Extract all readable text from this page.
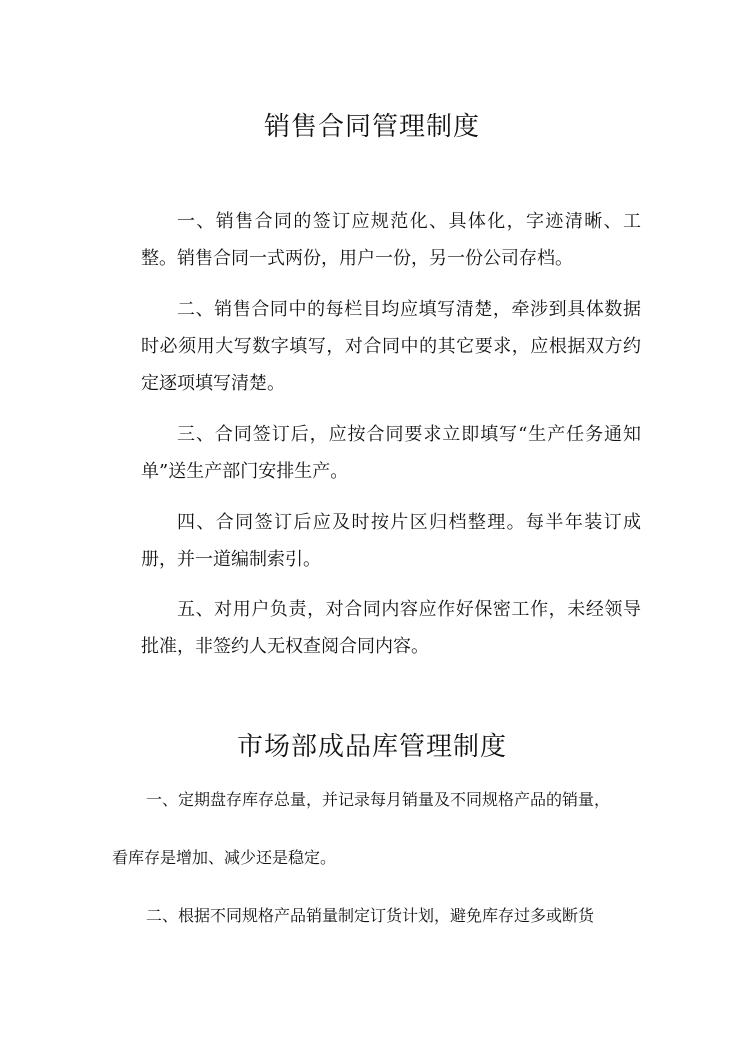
销售合同管理制度

一、销售合同的签订应规范化、具体化，字迹清晰、工整。销售合同一式两份，用户一份，另一份公司存档。

二、销售合同中的每栏目均应填写清楚，牵涉到具体数据时必须用大写数字填写，对合同中的其它要求，应根据双方约定逐项填写清楚。

三、合同签订后，应按合同要求立即填写“生产任务通知单”送生产部门安排生产。

四、合同签订后应及时按片区归档整理。每半年装订成册，并一道编制索引。

五、对用户负责，对合同内容应作好保密工作，未经领导批准，非签约人无权查阅合同内容。

市场部成品库管理制度

一、定期盘存库存总量，并记录每月销量及不同规格产品的销量，

看库存是增加、减少还是稳定。

二、根据不同规格产品销量制定订货计划，避免库存过多或断货
